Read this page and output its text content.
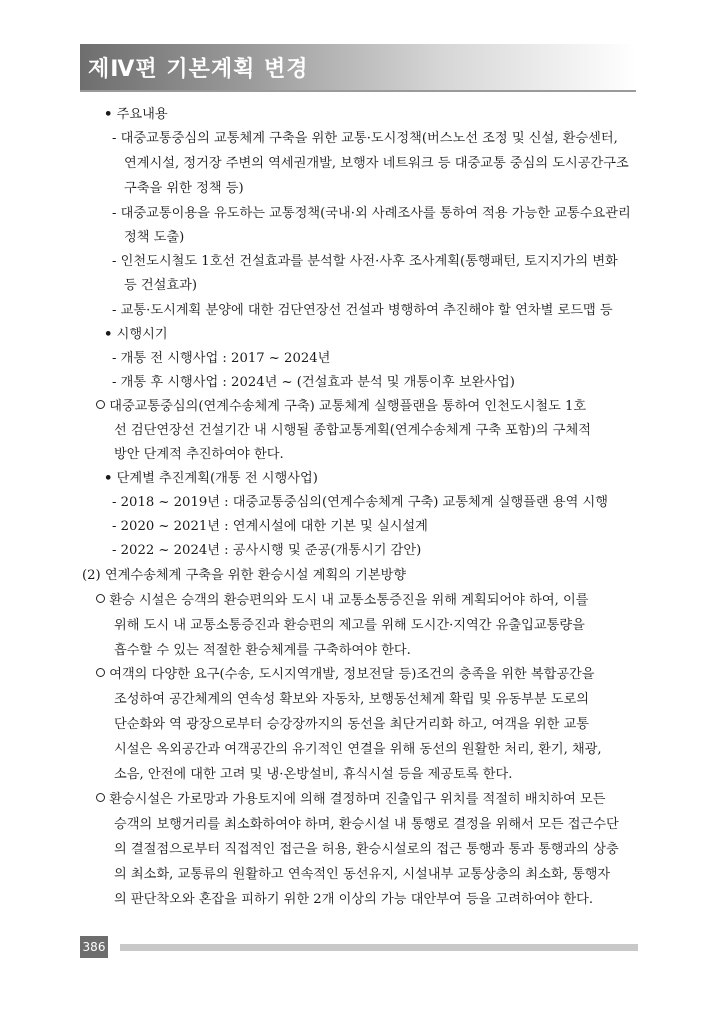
제Ⅳ편 기본계획 변경
• 주요내용
- 대중교통중심의 교통체계 구축을 위한 교통·도시정책(버스노선 조정 및 신설, 환승센터,
연계시설, 정거장 주변의 역세권개발, 보행자 네트워크 등 대중교통 중심의 도시공간구조
구축을 위한 정책 등)
- 대중교통이용을 유도하는 교통정책(국내·외 사례조사를 통하여 적용 가능한 교통수요관리
정책 도출)
- 인천도시철도 1호선 건설효과를 분석할 사전·사후 조사계획(통행패턴, 토지지가의 변화
등 건설효과)
- 교통·도시계획 분양에 대한 검단연장선 건설과 병행하여 추진해야 할 연차별 로드맵 등
• 시행시기
- 개통 전 시행사업 : 2017 ~ 2024년
- 개통 후 시행사업 : 2024년 ~ (건설효과 분석 및 개통이후 보완사업)
대중교통중심의(연계수송체계 구축) 교통체계 실행플랜을 통하여 인천도시철도 1호
선 검단연장선 건설기간 내 시행될 종합교통계획(연계수송체계 구축 포함)의 구체적
방안 단계적 추진하여야 한다.
• 단계별 추진계획(개통 전 시행사업)
- 2018 ~ 2019년 : 대중교통중심의(연계수송체계 구축) 교통체계 실행플랜 용역 시행
- 2020 ~ 2021년 : 연계시설에 대한 기본 및 실시설계
- 2022 ~ 2024년 : 공사시행 및 준공(개통시기 감안)
(2) 연계수송체계 구축을 위한 환승시설 계획의 기본방향
환승 시설은 승객의 환승편의와 도시 내 교통소통증진을 위해 계획되어야 하여, 이를
위해 도시 내 교통소통증진과 환승편의 제고를 위해 도시간·지역간 유출입교통량을
흡수할 수 있는 적절한 환승체계를 구축하여야 한다.
여객의 다양한 요구(수송, 도시지역개발, 정보전달 등)조건의 충족을 위한 복합공간을
조성하여 공간체계의 연속성 확보와 자동차, 보행동선체계 확립 및 유동부분 도로의
단순화와 역 광장으로부터 승강장까지의 동선을 최단거리화 하고, 여객을 위한 교통
시설은 옥외공간과 여객공간의 유기적인 연결을 위해 동선의 원활한 처리, 환기, 채광,
소음, 안전에 대한 고려 및 냉·온방설비, 휴식시설 등을 제공토록 한다.
환승시설은 가로망과 가용토지에 의해 결정하며 진출입구 위치를 적절히 배치하여 모든
승객의 보행거리를 최소화하여야 하며, 환승시설 내 통행로 결정을 위해서 모든 접근수단
의 결절점으로부터 직접적인 접근을 허용, 환승시설로의 접근 통행과 통과 통행과의 상충
의 최소화, 교통류의 원활하고 연속적인 동선유지, 시설내부 교통상충의 최소화, 통행자
의 판단착오와 혼잡을 피하기 위한 2개 이상의 가능 대안부여 등을 고려하여야 한다.
386
